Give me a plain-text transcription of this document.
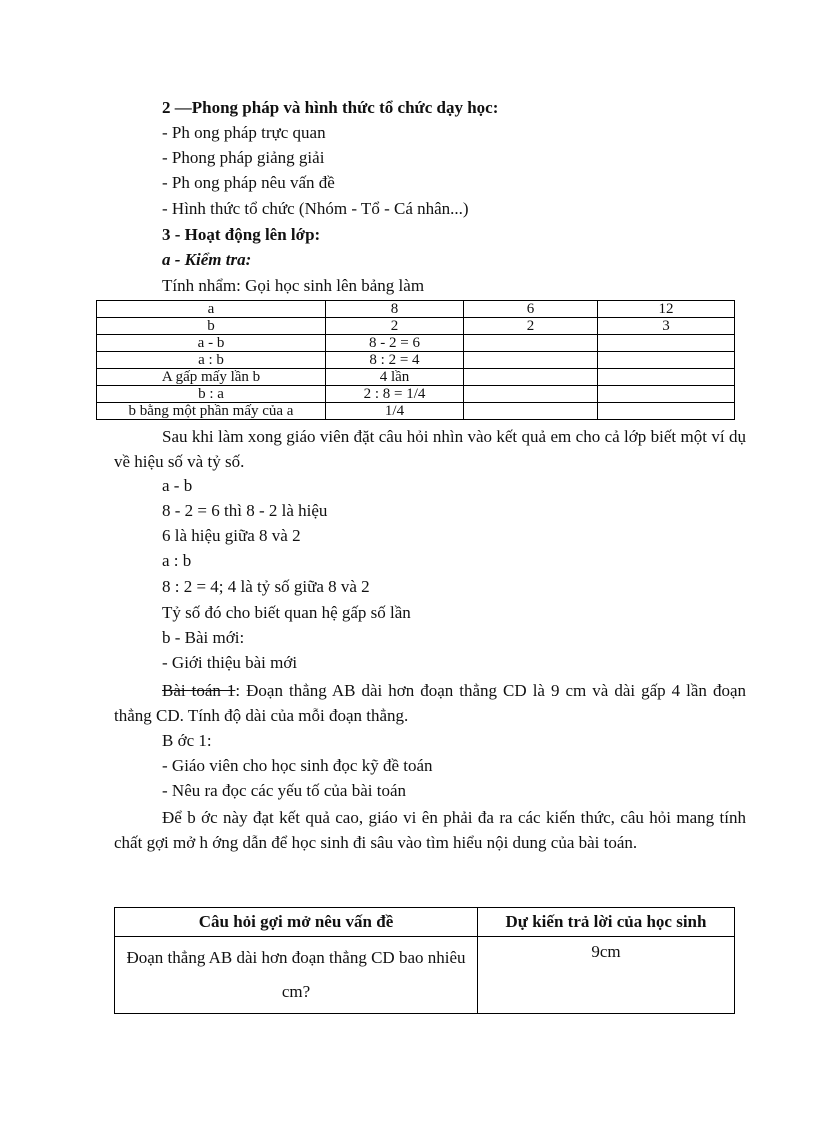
2 —Phong pháp và hình thức tổ chức dạy học:
- Ph ong pháp trực quan
- Phong pháp giảng giải
- Ph ong pháp nêu vấn đề
- Hình thức tổ chức (Nhóm - Tổ - Cá nhân...)
3 - Hoạt động lên lớp:
a - Kiểm tra:
Tính nhẩm: Gọi học sinh lên bảng làm
a	8	6	12
b	2	2	3
a - b	8 - 2 = 6		
a : b	8 : 2 = 4		
A gấp mấy lần b	4 lần		
b : a	2 : 8 = 1/4		
b bằng một phần mấy của a	1/4		
Sau khi làm xong giáo viên đặt câu hỏi nhìn vào kết quả em cho cả lớp biết một ví dụ về hiệu số và tỷ số.
a - b
8 - 2 = 6 thì 8 - 2 là hiệu
6 là hiệu giữa 8 và 2
a : b
8 : 2 = 4; 4 là tỷ số giữa 8 và 2
Tỷ số đó cho biết quan hệ gấp số lần
b - Bài mới:
- Giới thiệu bài mới
Bài toán 1: Đoạn thẳng AB dài hơn đoạn thẳng CD là 9 cm và dài gấp 4 lần đoạn thẳng CD. Tính độ dài của mỗi đoạn thẳng.
B ớc 1:
- Giáo viên cho học sinh đọc kỹ đề toán
- Nêu ra đọc các yếu tố của bài toán
Để b ớc này đạt kết quả cao, giáo vi ên phải đa ra các kiến thức, câu hỏi mang tính chất gợi mở h ớng dẫn để học sinh đi sâu vào tìm hiểu nội dung của bài toán.
Câu hỏi gợi mở nêu vấn đề	Dự kiến trả lời của học sinh
Đoạn thẳng AB dài hơn đoạn thẳng CD bao nhiêu cm?	9cm
